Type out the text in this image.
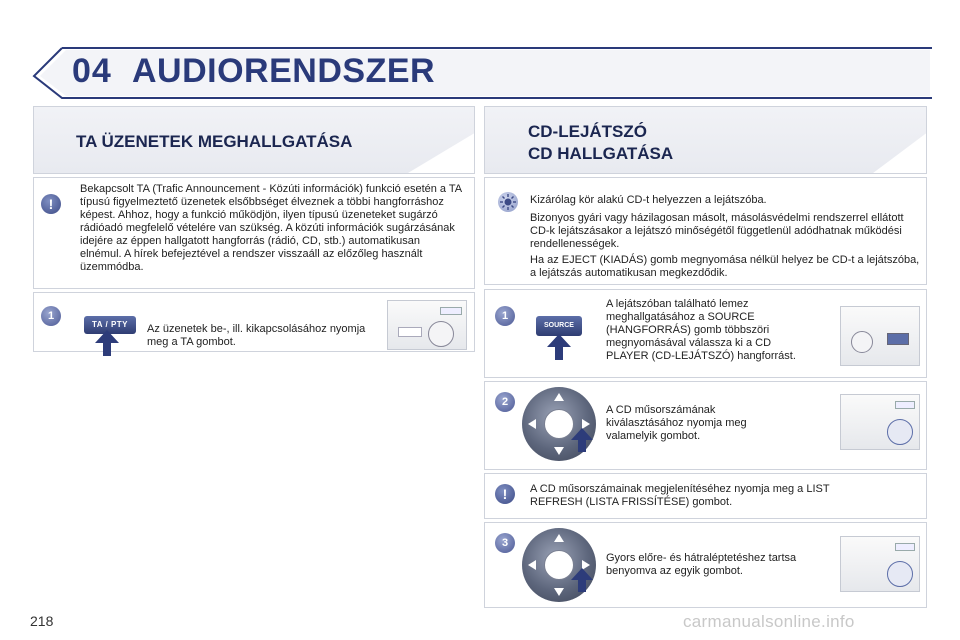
04 AUDIORENDSZER
TA ÜZENETEK MEGHALLGATÁSA
!
Bekapcsolt TA (Trafic Announcement - Közúti információk) funkció esetén a TA típusú figyelmeztető üzenetek elsőbbséget élveznek a többi hangforráshoz képest. Ahhoz, hogy a funkció működjön, ilyen típusú üzeneteket sugárzó rádióadó megfelelő vételére van szükség. A közúti információk sugárzásának idejére az éppen hallgatott hangforrás (rádió, CD, stb.) automatikusan elnémul. A hírek befejeztével a rendszer visszaáll az előzőleg használt üzemmódba.
1
TA / PTY	Az üzenetek be-, ill. kikapcsolásához nyomja meg a TA gombot.
CD-LEJÁTSZÓ
CD HALLGATÁSA
Kizárólag kör alakú CD-t helyezzen a lejátszóba.
Bizonyos gyári vagy házilagosan másolt, másolásvédelmi rendszerrel ellátott CD-k lejátszásakor a lejátszó minőségétől függetlenül adódhatnak működési rendellenességek.
Ha az EJECT (KIADÁS) gomb megnyomása nélkül helyez be CD-t a lejátszóba, a lejátszás automatikusan megkezdődik.
1
SOURCE
A lejátszóban található lemez meghallgatásához a SOURCE (HANGFORRÁS) gomb többszöri megnyomásával válassza ki a CD PLAYER (CD-LEJÁTSZÓ) hangforrást.
2
A CD műsorszámának kiválasztásához nyomja meg valamelyik gombot.
!	A CD műsorszámainak megjelenítéséhez nyomja meg a LIST REFRESH (LISTA FRISSÍTÉSE) gombot.
3
Gyors előre- és hátraléptetéshez tartsa benyomva az egyik gombot.
218	carmanualsonline.info
